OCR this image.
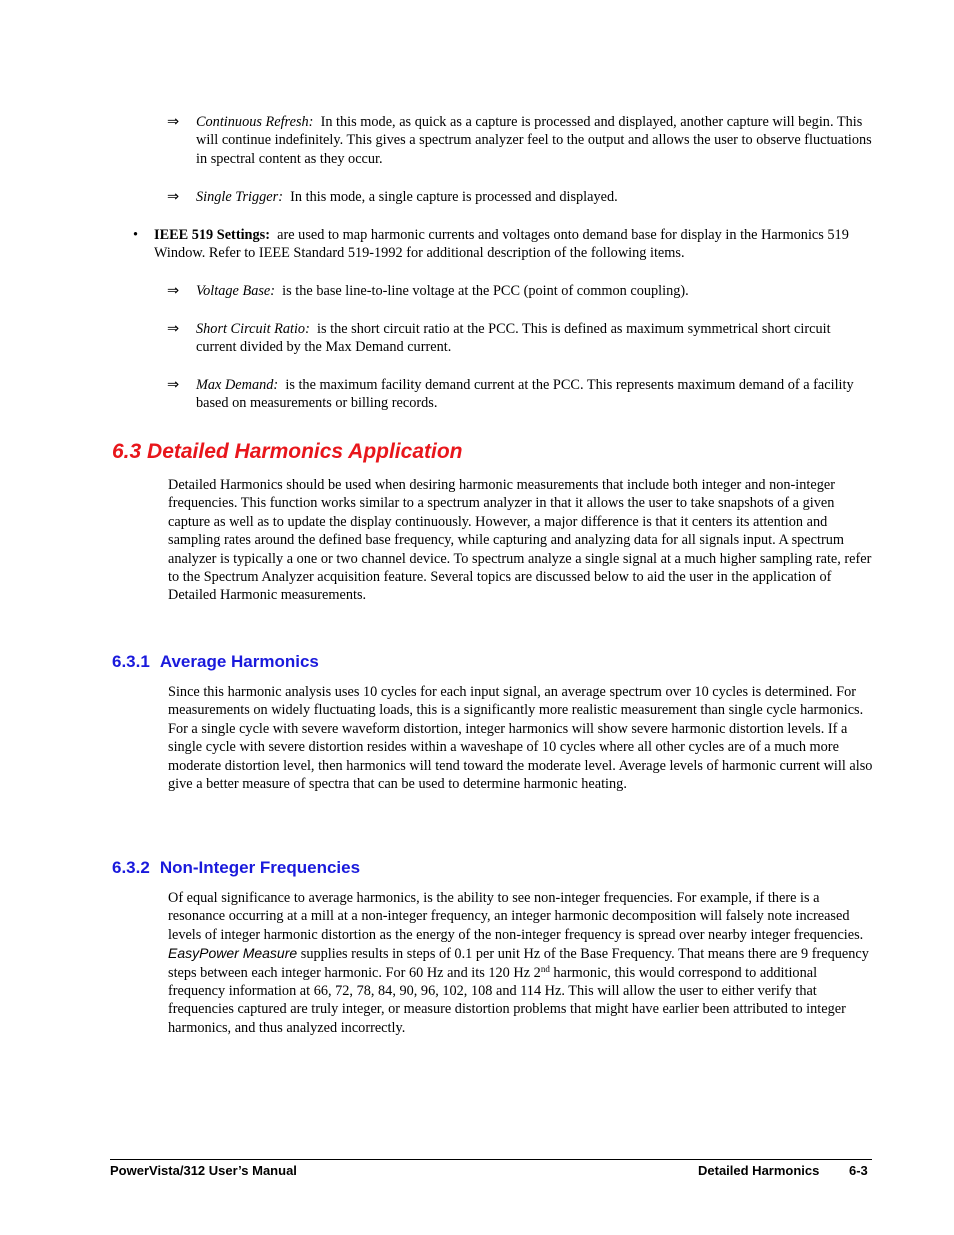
⇒	Continuous Refresh: In this mode, as quick as a capture is processed and displayed, another capture will begin. This will continue indefinitely. This gives a spectrum analyzer feel to the output and allows the user to observe fluctuations in spectral content as they occur.
⇒	Single Trigger: In this mode, a single capture is processed and displayed.
• IEEE 519 Settings: are used to map harmonic currents and voltages onto demand base for display in the Harmonics 519 Window. Refer to IEEE Standard 519-1992 for additional description of the following items.
⇒	Voltage Base: is the base line-to-line voltage at the PCC (point of common coupling).
⇒	Short Circuit Ratio: is the short circuit ratio at the PCC. This is defined as maximum symmetrical short circuit current divided by the Max Demand current.
⇒	Max Demand: is the maximum facility demand current at the PCC. This represents maximum demand of a facility based on measurements or billing records.
6.3 Detailed Harmonics Application
Detailed Harmonics should be used when desiring harmonic measurements that include both integer and non-integer frequencies. This function works similar to a spectrum analyzer in that it allows the user to take snapshots of a given capture as well as to update the display continuously. However, a major difference is that it centers its attention and sampling rates around the defined base frequency, while capturing and analyzing data for all signals input. A spectrum analyzer is typically a one or two channel device. To spectrum analyze a single signal at a much higher sampling rate, refer to the Spectrum Analyzer acquisition feature. Several topics are discussed below to aid the user in the application of Detailed Harmonic measurements.
6.3.1 Average Harmonics
Since this harmonic analysis uses 10 cycles for each input signal, an average spectrum over 10 cycles is determined. For measurements on widely fluctuating loads, this is a significantly more realistic measurement than single cycle harmonics. For a single cycle with severe waveform distortion, integer harmonics will show severe harmonic distortion levels. If a single cycle with severe distortion resides within a waveshape of 10 cycles where all other cycles are of a much more moderate distortion level, then harmonics will tend toward the moderate level. Average levels of harmonic current will also give a better measure of spectra that can be used to determine harmonic heating.
6.3.2 Non-Integer Frequencies
Of equal significance to average harmonics, is the ability to see non-integer frequencies. For example, if there is a resonance occurring at a mill at a non-integer frequency, an integer harmonic decomposition will falsely note increased levels of integer harmonic distortion as the energy of the non-integer frequency is spread over nearby integer frequencies.  EasyPower Measure supplies results in steps of 0.1 per unit Hz of the Base Frequency. That means there are 9 frequency steps between each integer harmonic. For 60 Hz and its 120 Hz 2nd harmonic, this would correspond to additional frequency information at 66, 72, 78, 84, 90, 96, 102, 108 and 114 Hz. This will allow the user to either verify that frequencies captured are truly integer, or measure distortion problems that might have earlier been attributed to integer harmonics, and thus analyzed incorrectly.
PowerVista/312 User’s Manual	Detailed Harmonics 6-3
